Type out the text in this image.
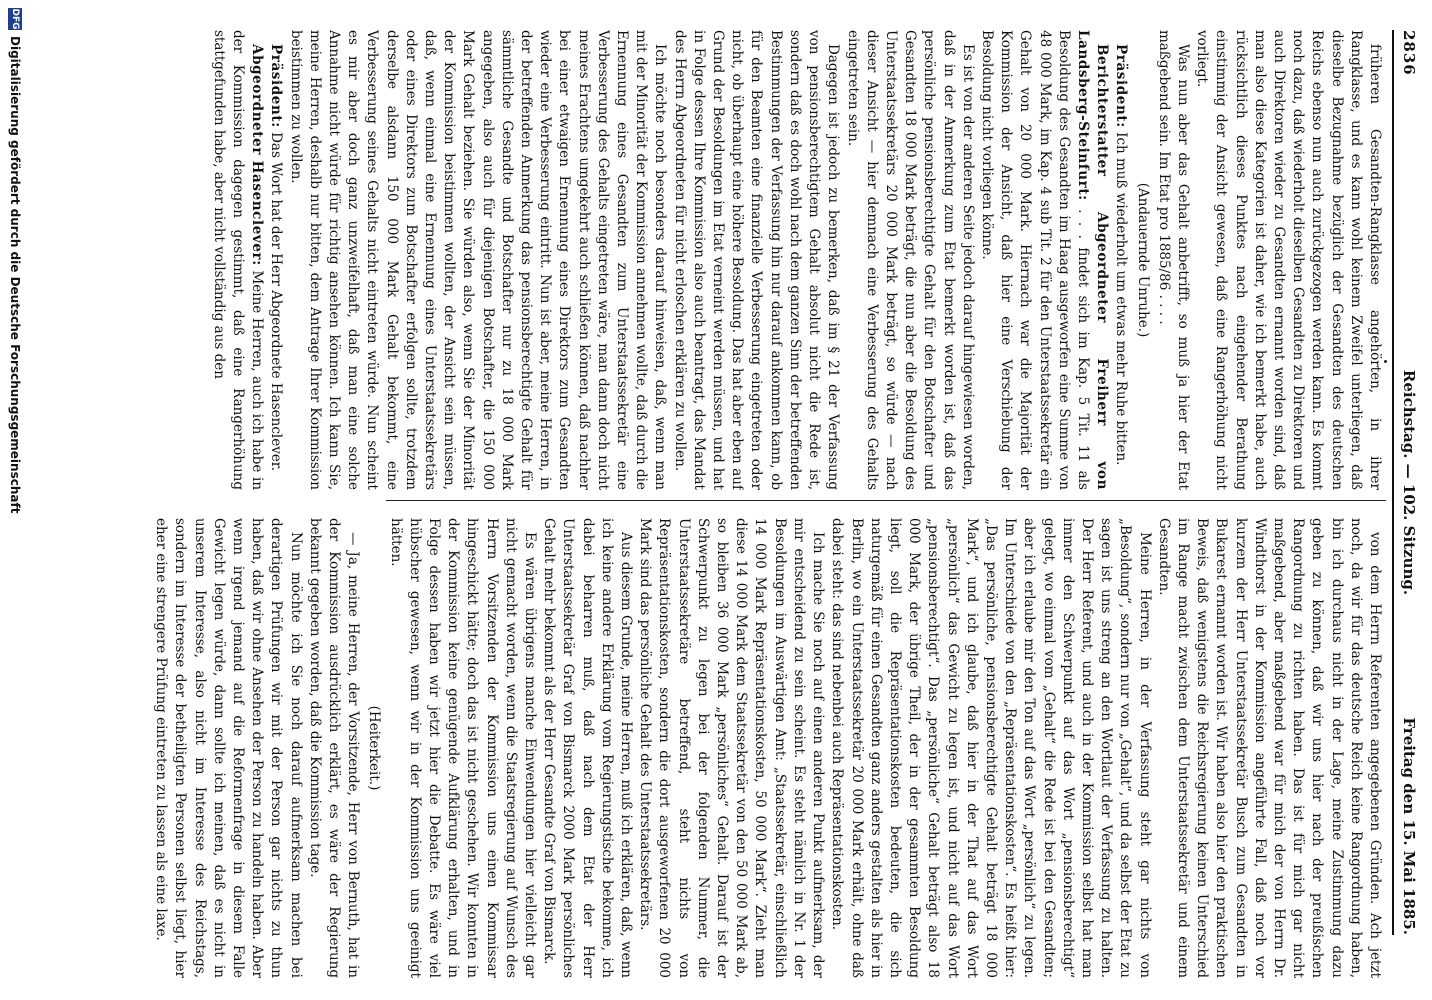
2836
Reichstag. — 102. Sitzung.
Freitag den 15. Mai 1885.

früheren Gesandten-Rangklasse angehörten, in ihrer Rangklasse, und es kann wohl keinem Zweifel unterliegen, daß dieselbe Bezugnahme bezüglich der Gesandten des deutschen Reichs ebenso nun auch zurückgezogen werden kann. Es kommt noch dazu, daß wiederholt dieselben Gesandten zu Direktoren und auch Direktoren wieder zu Gesandten ernannt worden sind, daß man also diese Kategorien ist daher, wie ich bemerkt habe, auch rücksichtlich dieses Punktes nach eingehender Berathung einstimmig der Ansicht gewesen, daß eine Rangerhöhung nicht vorliegt.

Was nun aber das Gehalt anbetrifft, so muß ja hier der Etat maßgebend sein. Im Etat pro 1885/86 . . . .

(Andauernde Unruhe.)

Präsident: Ich muß wiederholt um etwas mehr Ruhe bitten.

Berichterstatter Abgeordneter Freiherr von Landsberg-Steinfurt: . . . findet sich im Kap. 5 Tit. 11 als Besoldung des Gesandten im Haag ausgeworfen eine Summe von 48 000 Mark, im Kap. 4 sub Tit. 2 für den Unterstaatssekretär ein Gehalt von 20 000 Mark. Hiernach war die Majorität der Kommission der Ansicht, daß hier eine Verschiebung der Besoldung nicht vorliegen könne.

Es ist von der anderen Seite jedoch darauf hingewiesen worden, daß in der Anmerkung zum Etat bemerkt worden ist, daß das persönliche pensionsberechtigte Gehalt für den Botschafter und Gesandten 18 000 Mark beträgt, die nun aber die Besoldung des Unterstaatssekretärs 20 000 Mark beträgt, so würde — nach dieser Ansicht — hier demnach eine Verbesserung des Gehalts eingetreten sein.

Dagegen ist jedoch zu bemerken, daß im § 21 der Verfassung von pensionsberechtigtem Gehalt absolut nicht die Rede ist, sondern daß es doch wohl nach dem ganzen Sinn der betreffenden Bestimmungen der Verfassung hin nur darauf ankommen kann, ob für den Beamten eine finanzielle Verbesserung eingetreten oder nicht, ob überhaupt eine höhere Besoldung. Das hat aber eben auf Grund der Besoldungen im Etat verneint werden müssen, und hat in Folge dessen Ihre Kommission also auch beantragt, das Mandat des Herrn Abgeordneten für nicht erloschen erklären zu wollen.

Ich möchte noch besonders darauf hinweisen, daß, wenn man mit der Minorität der Kommission annehmen wollte, daß durch die Ernennung eines Gesandten zum Unterstaatssekretär eine Verbesserung des Gehalts eingetreten wäre, man dann doch nicht meines Erachtens umgekehrt auch schließen können, daß nachher bei einer etwaigen Ernennung eines Direktors zum Gesandten wieder eine Verbesserung eintritt. Nun ist aber, meine Herren, in der betreffenden Anmerkung das pensionsberechtigte Gehalt für sämmtliche Gesandte und Botschafter nur zu 18 000 Mark angegeben, also auch für diejenigen Botschafter, die 150 000 Mark Gehalt beziehen. Sie würden also, wenn Sie der Minorität der Kommission beistimmen wollten, der Ansicht sein müssen, daß, wenn einmal eine Ernennung eines Unterstaatssekretärs oder eines Direktors zum Botschafter erfolgen sollte, trotzdem derselbe alsdann 150 000 Mark Gehalt bekommt, eine Verbesserung seines Gehalts nicht eintreten würde. Nun scheint es mir aber doch ganz unzweifelhaft, daß man eine solche Annahme nicht würde für richtig ansehen können. Ich kann Sie, meine Herren, deshalb nur bitten, dem Antrage Ihrer Kommission beistimmen zu wollen.

Präsident: Das Wort hat der Herr Abgeordnete Hasenclever.

Abgeordneter Hasenclever: Meine Herren, auch ich habe in der Kommission dagegen gestimmt, daß eine Rangerhöhung stattgefunden habe, aber nicht vollständig aus den

von dem Herrn Referenten angegebenen Gründen. Ach jetzt noch, da wir für das deutsche Reich keine Rangordnung haben, bin ich durchaus nicht in der Lage, meine Zustimmung dazu geben zu können, daß wir uns hier nach der preußischen Rangordnung zu richten haben. Das ist für mich gar nicht maßgebend, aber maßgebend war für mich der von Herrn Dr. Windthorst in der Kommission angeführte Fall, daß noch vor kurzem der Herr Unterstaatssekretär Busch zum Gesandten in Bukarest ernannt worden ist. Wir haben also hier den praktischen Beweis, daß wenigstens die Reichsregierung keinen Unterschied im Range macht zwischen dem Unterstaatssekretär und einem Gesandten.

Meine Herren, in der Verfassung steht gar nichts von „Besoldung“, sondern nur von „Gehalt“, und da selbst der Etat zu sagen ist uns streng an den Wortlaut der Verfassung zu halten. Der Herr Referent, und auch in der Kommission selbst hat man immer den Schwerpunkt auf das Wort „pensionsberechtigt“ gelegt, wo einmal vom „Gehalt“ die Rede ist bei den Gesandten; aber ich erlaube mir den Ton auf das Wort „persönlich“ zu legen. Im Unterschiede von den „Repräsentationskosten“. Es heißt hier: „Das persönliche, pensionsberechtigte Gehalt beträgt 18 000 Mark“, und ich glaube, daß hier in der That auf das Wort „persönlich“ das Gewicht zu legen ist, und nicht auf das Wort „pensionsberechtigt“. Das „persönliche“ Gehalt beträgt also 18 000 Mark, der übrige Theil, der in der gesammten Besoldung liegt, soll die Repräsentationskosten bedeuten, die sich naturgemäß für einen Gesandten ganz anders gestalten als hier in Berlin, wo ein Unterstaatssekretär 20 000 Mark erhält, ohne daß dabei steht: das sind nebenbei auch Repräsentationskosten.

Ich mache Sie noch auf einen anderen Punkt aufmerksam, der mir entscheidend zu sein scheint. Es steht nämlich in Nr. 1 der Besoldungen im Auswärtigen Amt: „Staatssekretär, einschließlich 14 000 Mark Repräsentationskosten, 50 000 Mark“. Zieht man diese 14 000 Mark dem Staatssekretär von den 50 000 Mark ab, so bleiben 36 000 Mark „persönliches“ Gehalt. Darauf ist der Schwerpunkt zu legen bei der folgenden Nummer, die Unterstaatssekretäre betreffend, steht nichts von Repräsentationskosten, sondern die dort ausgeworfenen 20 000 Mark sind das persönliche Gehalt des Unterstaatssekretärs.

Aus diesem Grunde, meine Herren, muß ich erklären, daß, wenn ich keine andere Erklärung vom Regierungstische bekomme, ich dabei beharren muß, daß nach dem Etat der Herr Unterstaatssekretär Graf von Bismarck 2000 Mark persönliches Gehalt mehr bekommt als der Herr Gesandte Graf von Bismarck.

Es wären übrigens manche Einwendungen hier vielleicht gar nicht gemacht worden, wenn die Staatsregierung auf Wunsch des Herrn Vorsitzenden der Kommission uns einen Kommissar hingeschickt hätte; doch das ist nicht geschehen. Wir konnten in der Kommission keine genügende Aufklärung erhalten, und in Folge dessen haben wir jetzt hier die Debatte. Es wäre viel hübscher gewesen, wenn wir in der Kommission uns geeinigt hätten.

(Heiterkeit.)

— Ja, meine Herren, der Vorsitzende, Herr von Bernuth, hat in der Kommission ausdrücklich erklärt, es wäre der Regierung bekannt gegeben worden, daß die Kommission tage.

Nun möchte ich Sie noch darauf aufmerksam machen bei derartigen Prüfungen wir mit der Person gar nichts zu thun haben, daß wir ohne Ansehen der Person zu handeln haben. Aber wenn irgend jemand auf die Reformenfrage in diesem Falle Gewicht legen würde, dann sollte ich meinen, daß es nicht in unserem Interesse, also nicht im Interesse des Reichstags, sondern im Interesse der betheiligten Personen selbst liegt, hier eher eine strengere Prüfung eintreten zu lassen als eine laxe.

DFG
Digitalisierung gefördert durch die Deutsche Forschungsgemeinschaft
